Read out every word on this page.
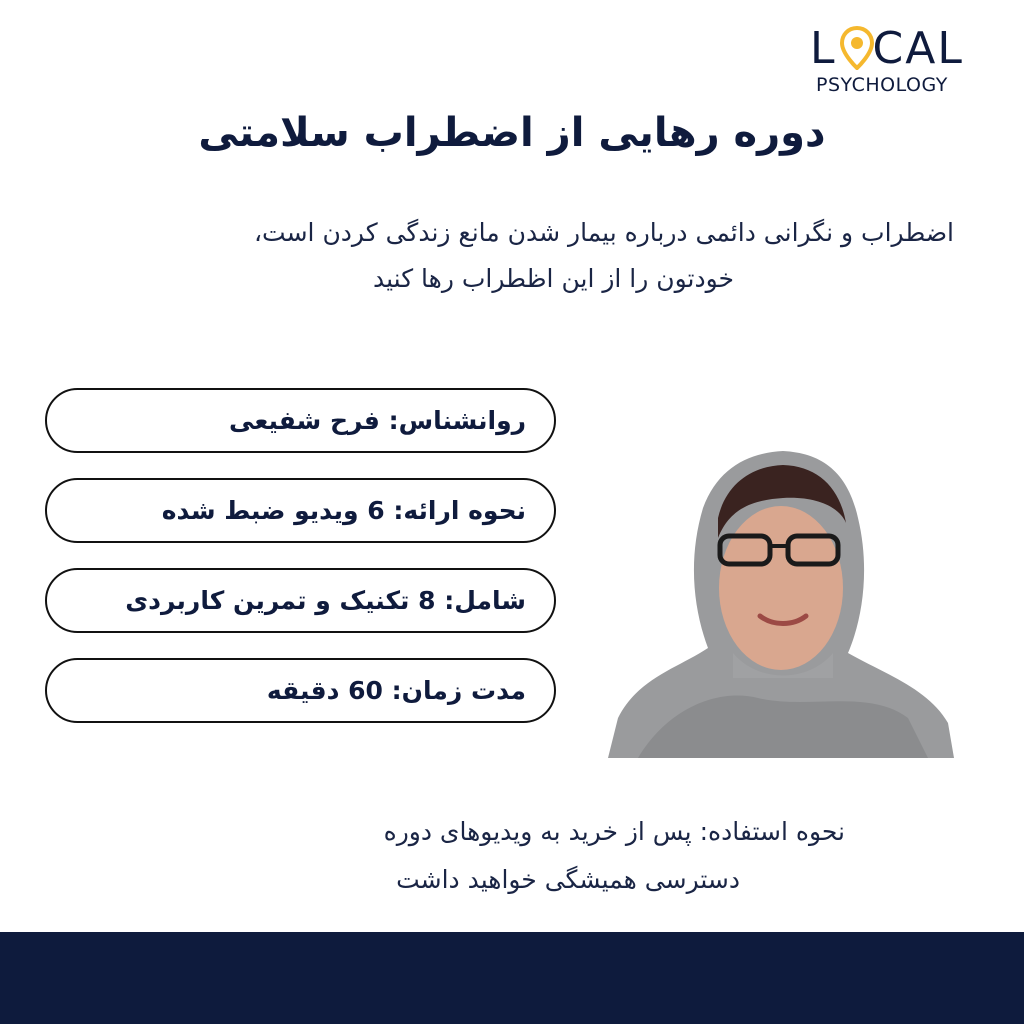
L CAL
PSYCHOLOGY
دوره رهایی از اضطراب سلامتی
اضطراب و نگرانی دائمی درباره بیمار شدن مانع زندگی کردن است،
خودتون را از این اظطراب رها کنید
روانشناس: فرح شفیعی
نحوه ارائه: 6 ویدیو ضبط شده
شامل: 8 تکنیک و تمرین کاربردی
مدت زمان: 60 دقیقه
نحوه استفاده: پس از خرید به ویدیوهای دوره
دسترسی همیشگی خواهید داشت
